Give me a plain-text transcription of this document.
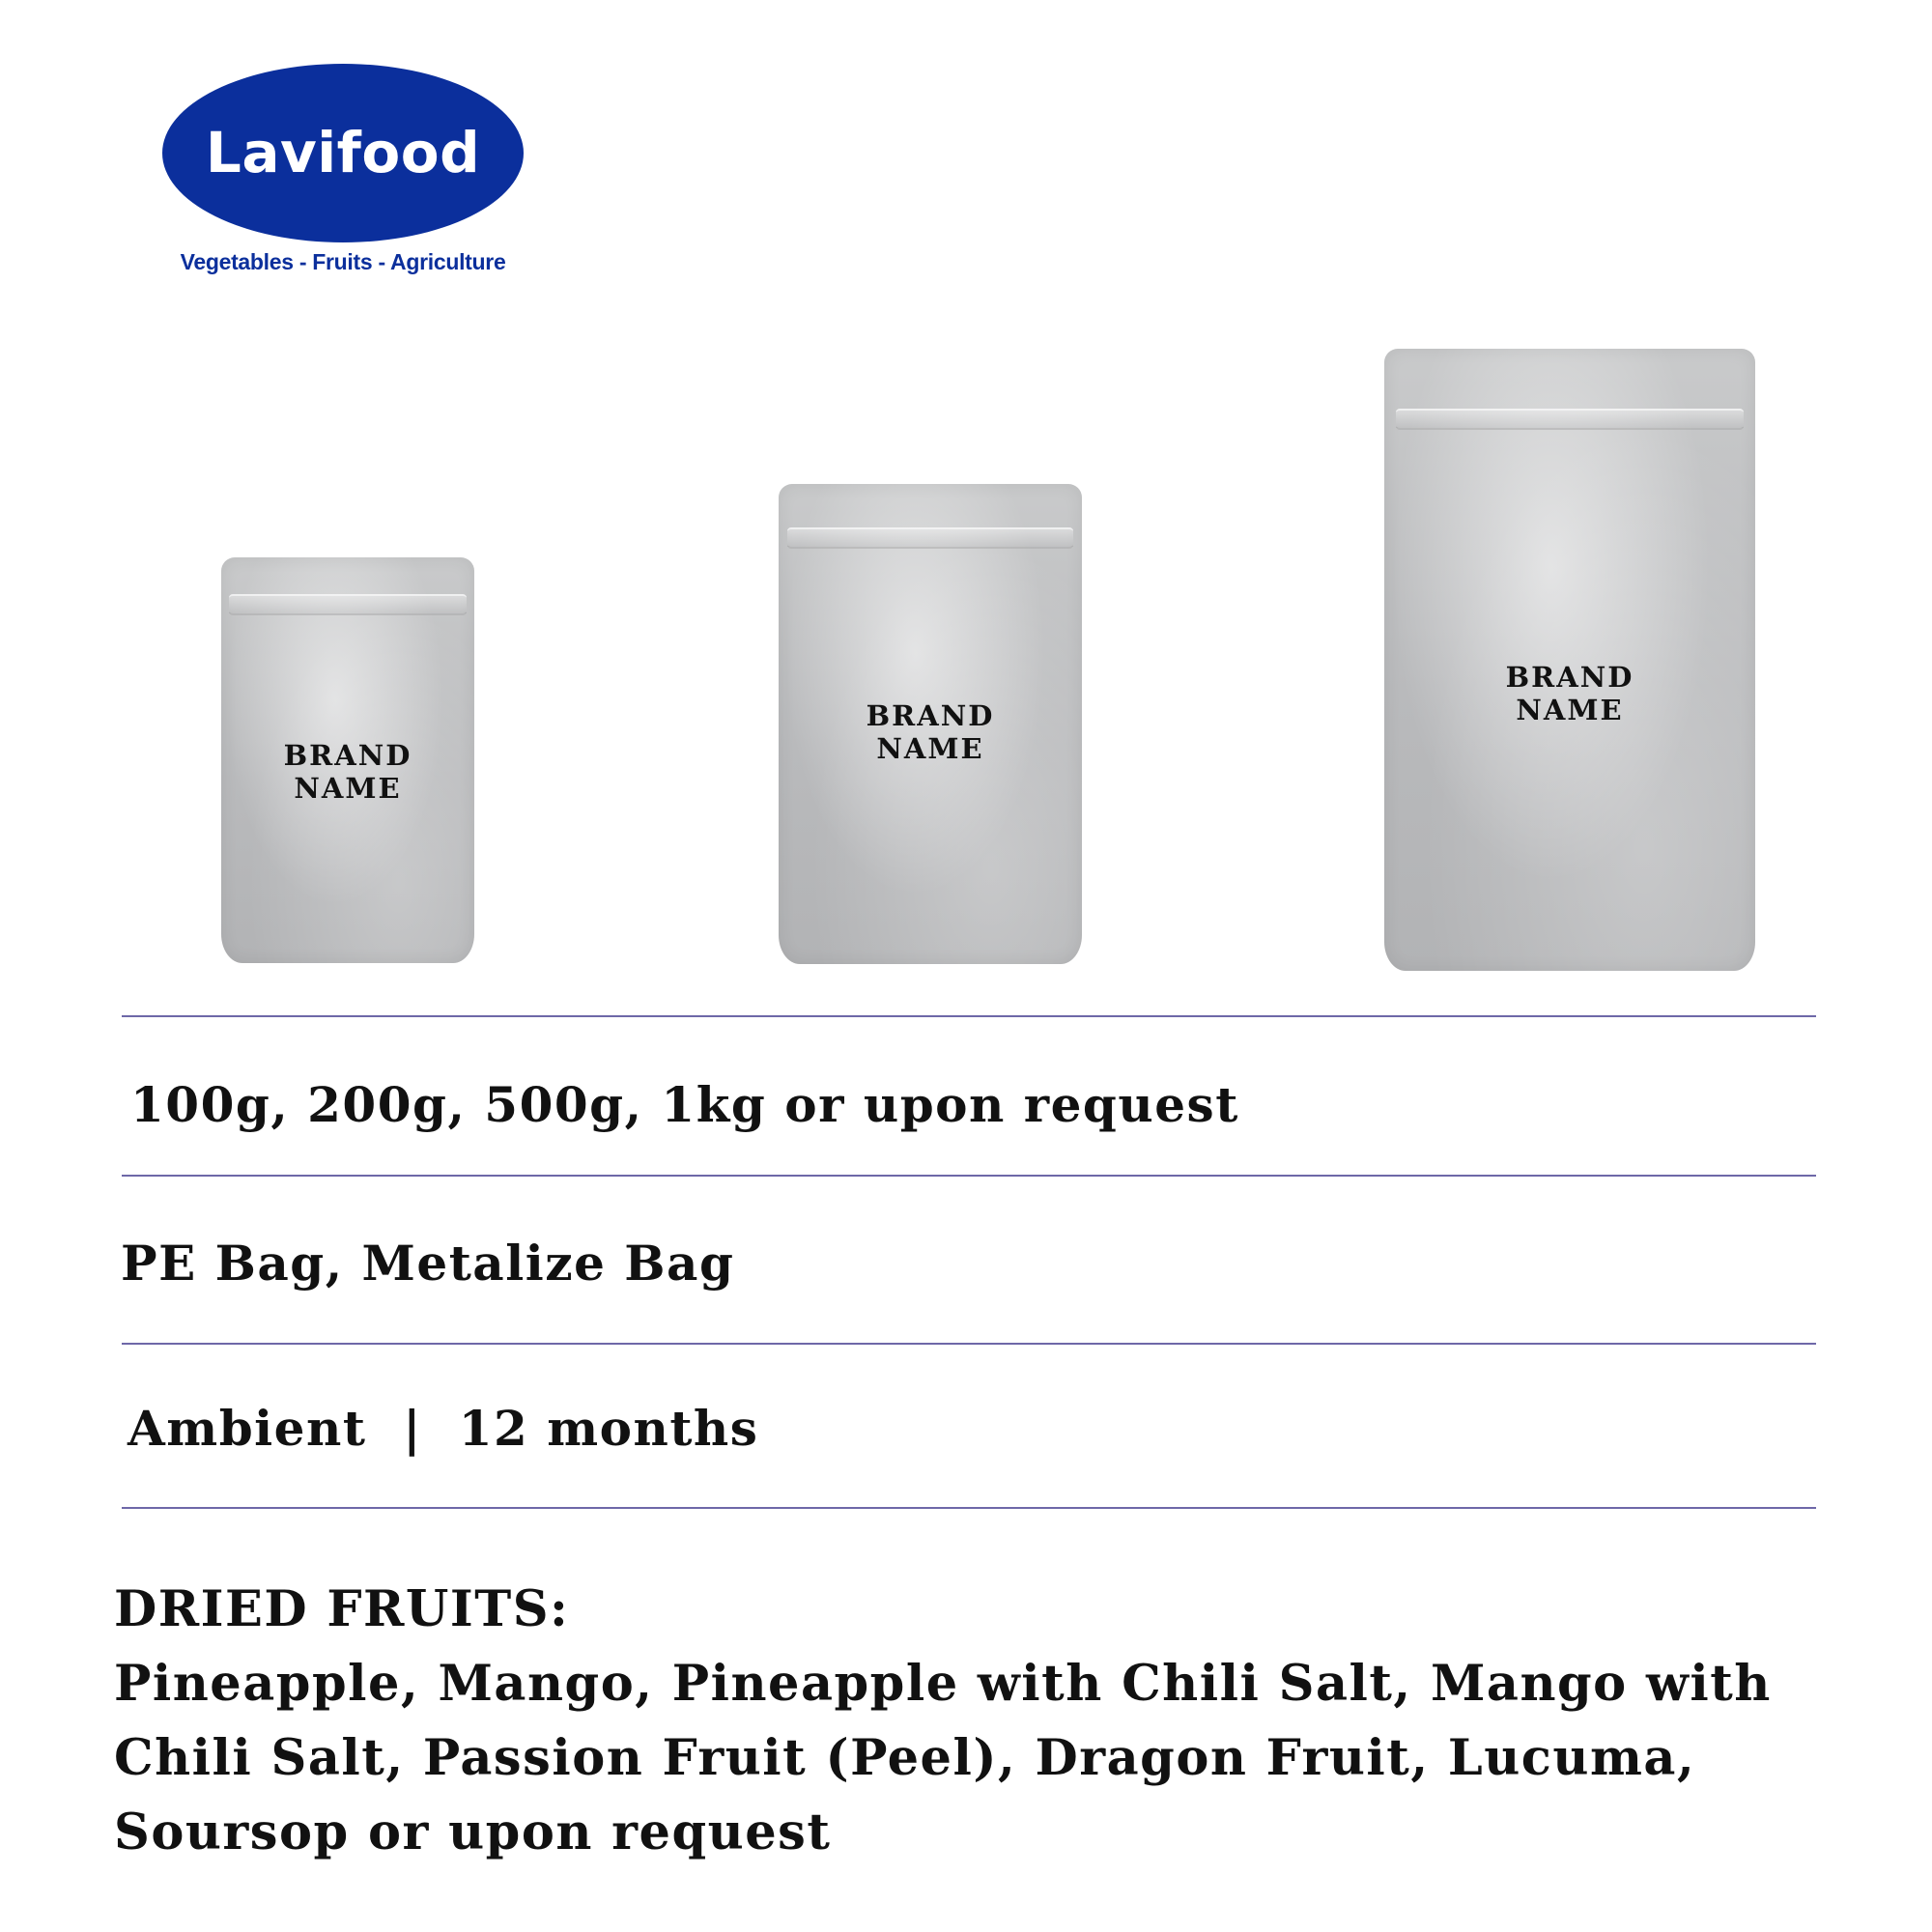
Lavifood
Vegetables - Fruits - Agriculture
BRAND
NAME
BRAND
NAME
BRAND
NAME
100g, 200g, 500g, 1kg or upon request
PE Bag, Metalize Bag
Ambient  |  12 months
DRIED FRUITS:
Pineapple, Mango, Pineapple with Chili Salt, Mango with Chili Salt, Passion Fruit (Peel), Dragon Fruit, Lucuma, Soursop or upon request
